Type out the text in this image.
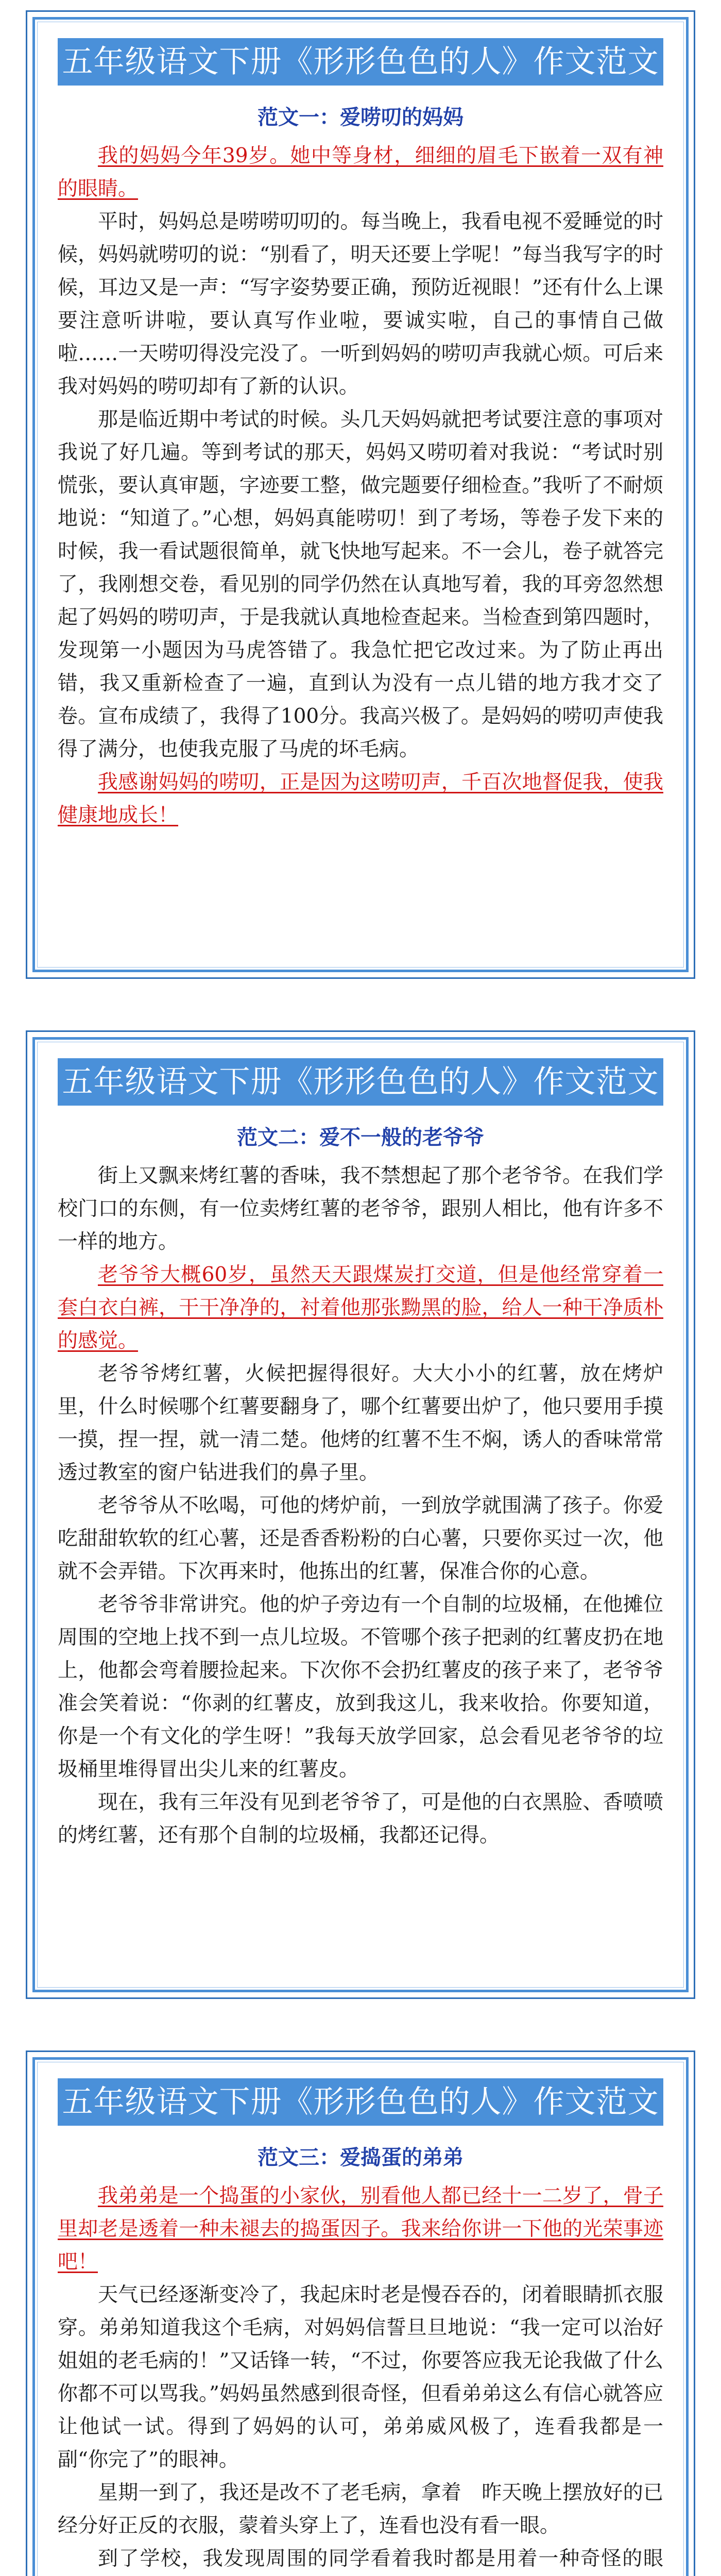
五年级语文下册《形形色色的人》作文范文
范文一：爱唠叨的妈妈

我的妈妈今年39岁。她中等身材，细细的眉毛下嵌着一双有神的眼睛。

平时，妈妈总是唠唠叨叨的。每当晚上，我看电视不爱睡觉的时候，妈妈就唠叨的说：“别看了，明天还要上学呢！”每当我写字的时候，耳边又是一声：“写字姿势要正确，预防近视眼！”还有什么上课要注意听讲啦，要认真写作业啦，要诚实啦，自己的事情自己做啦……一天唠叨得没完没了。一听到妈妈的唠叨声我就心烦。可后来我对妈妈的唠叨却有了新的认识。

那是临近期中考试的时候。头几天妈妈就把考试要注意的事项对我说了好几遍。等到考试的那天，妈妈又唠叨着对我说：“考试时别慌张，要认真审题，字迹要工整，做完题要仔细检查。”我听了不耐烦地说：“知道了。”心想，妈妈真能唠叨！到了考场，等卷子发下来的时候，我一看试题很简单，就飞快地写起来。不一会儿，卷子就答完了，我刚想交卷，看见别的同学仍然在认真地写着，我的耳旁忽然想起了妈妈的唠叨声，于是我就认真地检查起来。当检查到第四题时，发现第一小题因为马虎答错了。我急忙把它改过来。为了防止再出错，我又重新检查了一遍，直到认为没有一点儿错的地方我才交了卷。宣布成绩了，我得了100分。我高兴极了。是妈妈的唠叨声使我得了满分，也使我克服了马虎的坏毛病。

我感谢妈妈的唠叨，正是因为这唠叨声，千百次地督促我，使我健康地成长！

五年级语文下册《形形色色的人》作文范文
范文二：爱不一般的老爷爷

街上又飘来烤红薯的香味，我不禁想起了那个老爷爷。在我们学校门口的东侧，有一位卖烤红薯的老爷爷，跟别人相比，他有许多不一样的地方。

老爷爷大概60岁，虽然天天跟煤炭打交道，但是他经常穿着一套白衣白裤，干干净净的，衬着他那张黝黑的脸，给人一种干净质朴的感觉。

老爷爷烤红薯，火候把握得很好。大大小小的红薯，放在烤炉里，什么时候哪个红薯要翻身了，哪个红薯要出炉了，他只要用手摸一摸，捏一捏，就一清二楚。他烤的红薯不生不焖，诱人的香味常常透过教室的窗户钻进我们的鼻子里。

老爷爷从不吆喝，可他的烤炉前，一到放学就围满了孩子。你爱吃甜甜软软的红心薯，还是香香粉粉的白心薯，只要你买过一次，他就不会弄错。下次再来时，他拣出的红薯，保准合你的心意。

老爷爷非常讲究。他的炉子旁边有一个自制的垃圾桶，在他摊位周围的空地上找不到一点儿垃圾。不管哪个孩子把剥的红薯皮扔在地上，他都会弯着腰捡起来。下次你不会扔红薯皮的孩子来了，老爷爷准会笑着说：“你剥的红薯皮，放到我这儿，我来收拾。你要知道，你是一个有文化的学生呀！”我每天放学回家，总会看见老爷爷的垃圾桶里堆得冒出尖儿来的红薯皮。

现在，我有三年没有见到老爷爷了，可是他的白衣黑脸、香喷喷的烤红薯，还有那个自制的垃圾桶，我都还记得。

五年级语文下册《形形色色的人》作文范文
范文三：爱捣蛋的弟弟

我弟弟是一个捣蛋的小家伙，别看他人都已经十一二岁了，骨子里却老是透着一种未褪去的捣蛋因子。我来给你讲一下他的光荣事迹吧！

天气已经逐渐变冷了，我起床时老是慢吞吞的，闭着眼睛抓衣服穿。弟弟知道我这个毛病，对妈妈信誓旦旦地说：“我一定可以治好姐姐的老毛病的！”又话锋一转，“不过，你要答应我无论我做了什么你都不可以骂我。”妈妈虽然感到很奇怪，但看弟弟这么有信心就答应让他试一试。得到了妈妈的认可，弟弟威风极了，连看我都是一副“你完了”的眼神。

星期一到了，我还是改不了老毛病，拿着　昨天晚上摆放好的已经分好正反的衣服，蒙着头穿上了，连看也没有看一眼。

到了学校，我发现周围的同学看着我时都是用着一种奇怪的眼
